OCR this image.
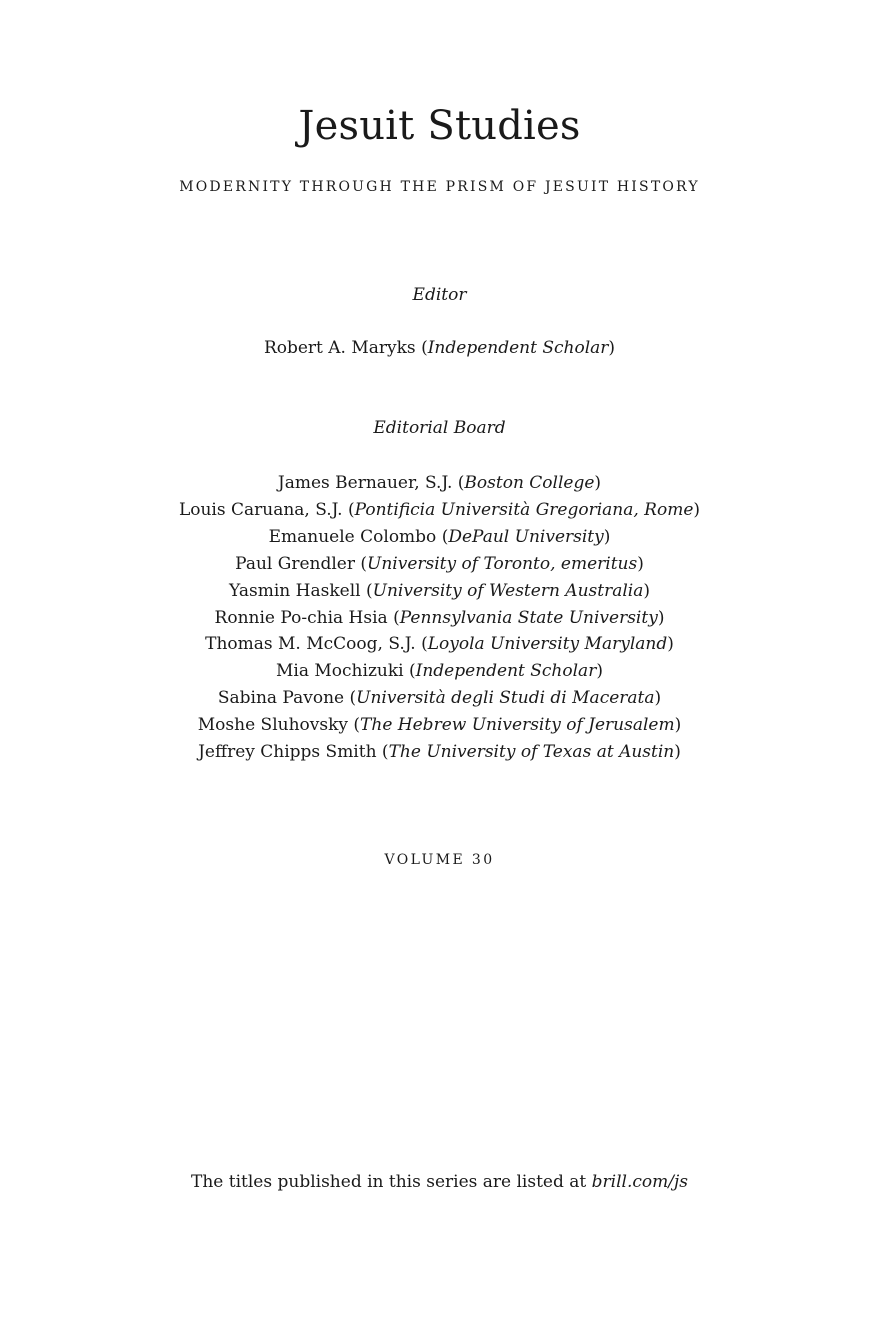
Jesuit Studies
MODERNITY THROUGH THE PRISM OF JESUIT HISTORY
Editor
Robert A. Maryks (Independent Scholar)
Editorial Board
James Bernauer, S.J. (Boston College)
Louis Caruana, S.J. (Pontificia Università Gregoriana, Rome)
Emanuele Colombo (DePaul University)
Paul Grendler (University of Toronto, emeritus)
Yasmin Haskell (University of Western Australia)
Ronnie Po-chia Hsia (Pennsylvania State University)
Thomas M. McCoog, S.J. (Loyola University Maryland)
Mia Mochizuki (Independent Scholar)
Sabina Pavone (Università degli Studi di Macerata)
Moshe Sluhovsky (The Hebrew University of Jerusalem)
Jeffrey Chipps Smith (The University of Texas at Austin)
VOLUME 30
The titles published in this series are listed at brill.com/js
